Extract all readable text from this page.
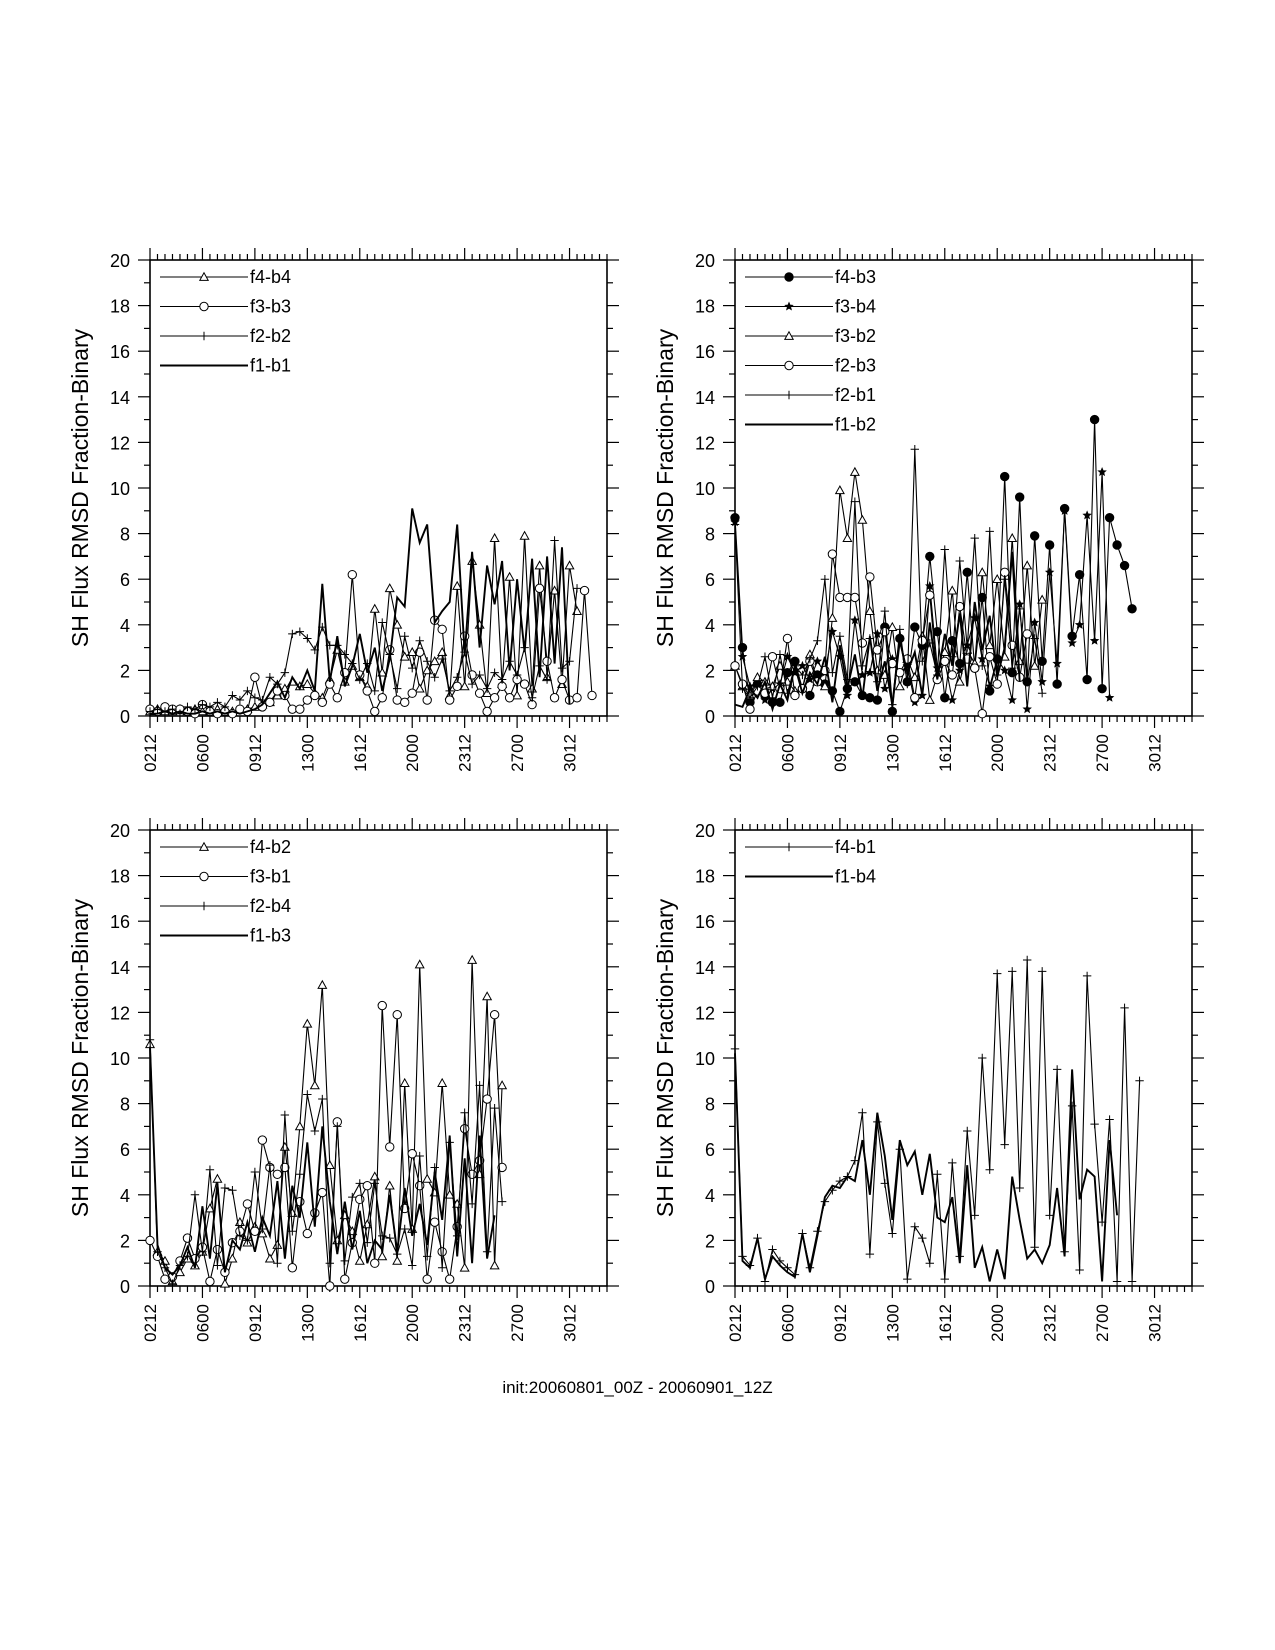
0
2
4
6
8
10
12
14
16
18
20
0212 0600 0912 1300 1612 2000 2312 2700 3012
SH Flux RMSD Fraction-Binary
f4-b4
f3-b3
f2-b2
f1-b1
0
2
4
6
8
10
12
14
16
18
20
0212 0600 0912 1300 1612 2000 2312 2700 3012
SH Flux RMSD Fraction-Binary
f4-b3
f3-b4
f3-b2
f2-b3
f2-b1
f1-b2
0
2
4
6
8
10
12
14
16
18
20
0212 0600 0912 1300 1612 2000 2312 2700 3012
SH Flux RMSD Fraction-Binary
f4-b2
f3-b1
f2-b4
f1-b3
0
2
4
6
8
10
12
14
16
18
20
0212 0600 0912 1300 1612 2000 2312 2700 3012
SH Flux RMSD Fraction-Binary
f4-b1
f1-b4
init:20060801_00Z - 20060901_12Z
